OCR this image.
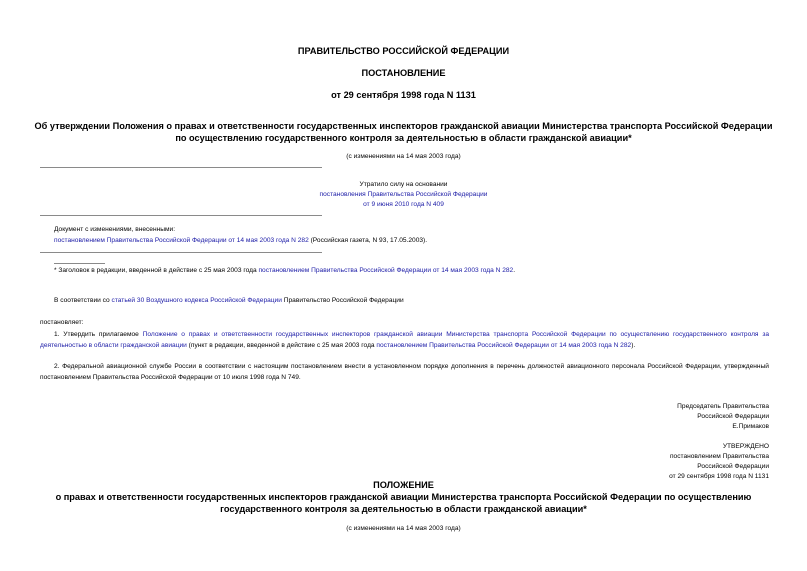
ПРАВИТЕЛЬСТВО РОССИЙСКОЙ ФЕДЕРАЦИИ
ПОСТАНОВЛЕНИЕ
от 29 сентября 1998 года N 1131
Об утверждении Положения о правах и ответственности государственных инспекторов гражданской авиации Министерства транспорта Российской Федерации
по осуществлению государственного контроля за деятельностью в области гражданской авиации*
(с изменениями на 14 мая 2003 года)
Утратило силу на основании
постановления Правительства Российской Федерации
от 9 июня 2010 года N 409
Документ с изменениями, внесенными:
постановлением Правительства Российской Федерации от 14 мая 2003 года N 282 (Российская газета, N 93, 17.05.2003).
* Заголовок в редакции, введенной в действие с 25 мая 2003 года постановлением Правительства Российской Федерации от 14 мая 2003 года N 282.
В соответствии со статьей 30 Воздушного кодекса Российской Федерации Правительство Российской Федерации
постановляет:
1. Утвердить прилагаемое Положение о правах и ответственности государственных инспекторов гражданской авиации Министерства транспорта Российской Федерации по осуществлению государственного контроля за деятельностью в области гражданской авиации (пункт в редакции, введенной в действие с 25 мая 2003 года постановлением Правительства Российской Федерации от 14 мая 2003 года N 282).
2. Федеральной авиационной службе России в соответствии с настоящим постановлением внести в установленном порядке дополнения в перечень должностей авиационного персонала Российской Федерации, утвержденный постановлением Правительства Российской Федерации от 10 июля 1998 года N 749.
Председатель Правительства
Российской Федерации
Е.Примаков
УТВЕРЖДЕНО
постановлением Правительства
Российской Федерации
от 29 сентября 1998 года N 1131
ПОЛОЖЕНИЕ
о правах и ответственности государственных инспекторов гражданской авиации Министерства транспорта Российской Федерации по осуществлению
государственного контроля за деятельностью в области гражданской авиации*
(с изменениями на 14 мая 2003 года)
